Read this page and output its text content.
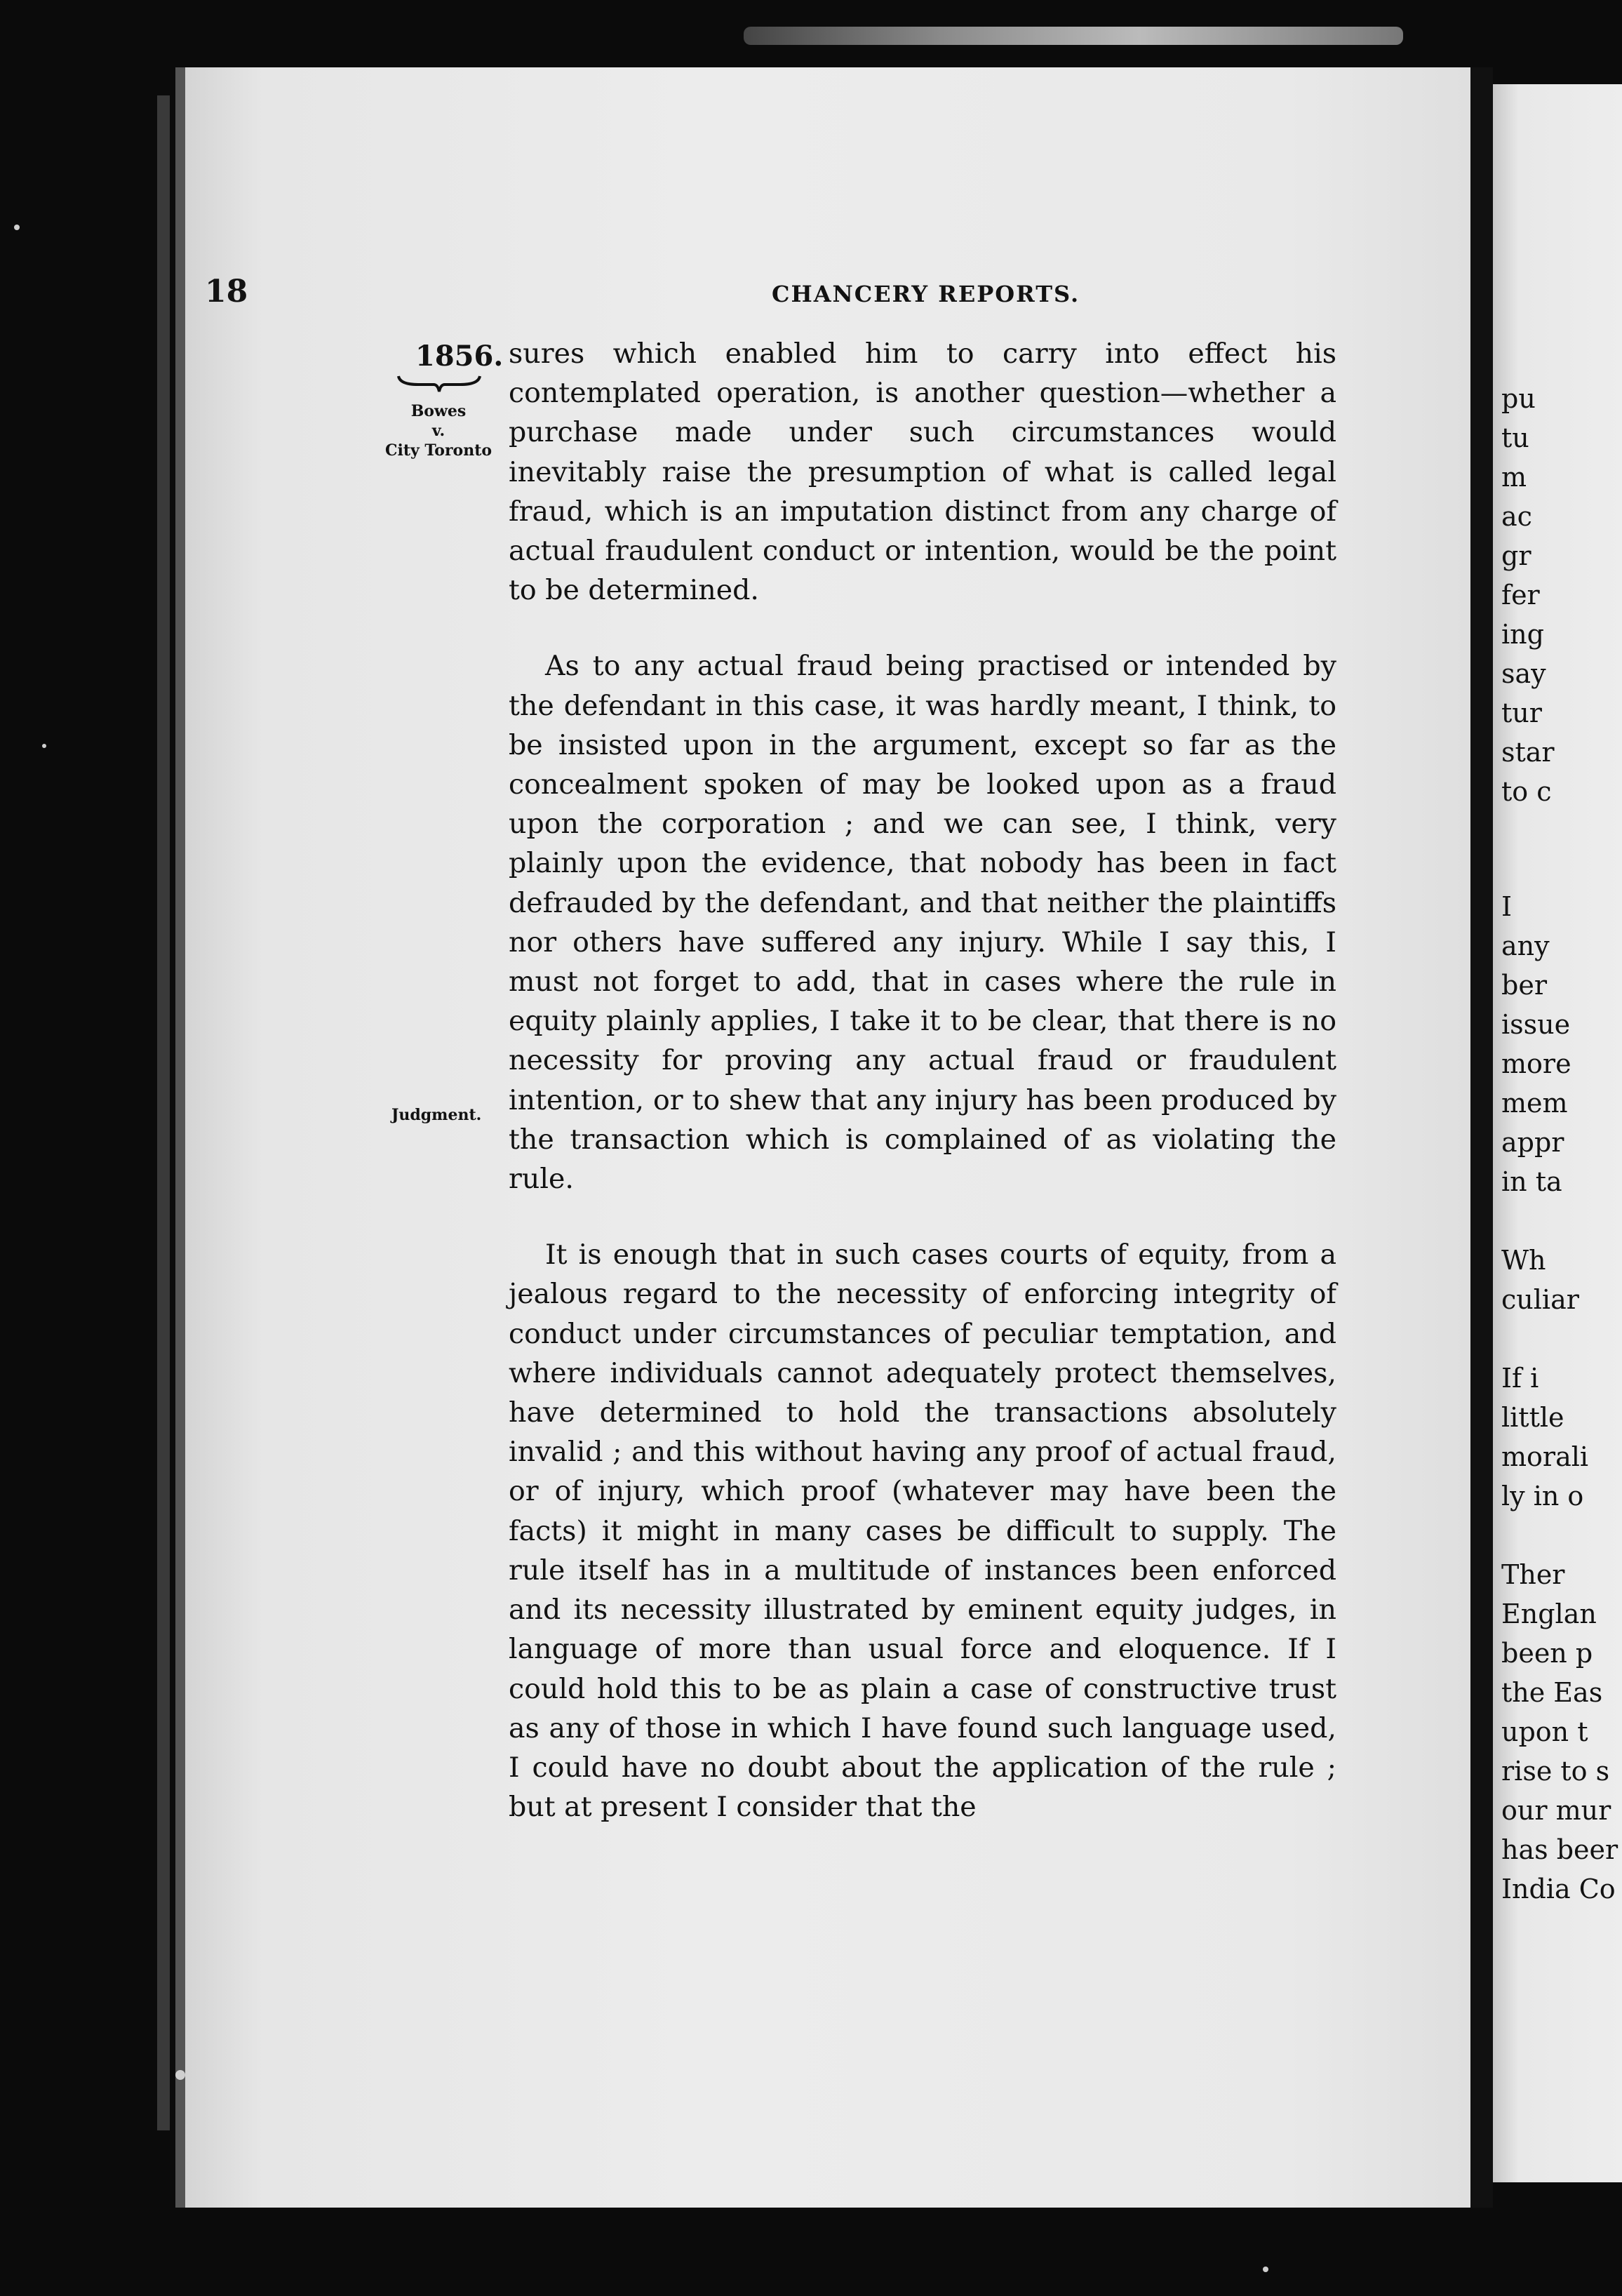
18	CHANCERY REPORTS.
1856.
Bowes
v.
City Toronto
Judgment.

sures which enabled him to carry into effect his contemplated operation, is another question—whether a purchase made under such circumstances would inevitably raise the presumption of what is called legal fraud, which is an imputation distinct from any charge of actual fraudulent conduct or intention, would be the point to be determined.

As to any actual fraud being practised or intended by the defendant in this case, it was hardly meant, I think, to be insisted upon in the argument, except so far as the concealment spoken of may be looked upon as a fraud upon the corporation ; and we can see, I think, very plainly upon the evidence, that nobody has been in fact defrauded by the defendant, and that neither the plaintiffs nor others have suffered any injury. While I say this, I must not forget to add, that in cases where the rule in equity plainly applies, I take it to be clear, that there is no necessity for proving any actual fraud or fraudulent intention, or to shew that any injury has been produced by the transaction which is complained of as violating the rule.

It is enough that in such cases courts of equity, from a jealous regard to the necessity of enforcing integrity of conduct under circumstances of peculiar temptation, and where individuals cannot adequately protect themselves, have determined to hold the transactions absolutely invalid ; and this without having any proof of actual fraud, or of injury, which proof (whatever may have been the facts) it might in many cases be difficult to supply. The rule itself has in a multitude of instances been enforced and its necessity illustrated by eminent equity judges, in language of more than usual force and eloquence. If I could hold this to be as plain a case of constructive trust as any of those in which I have found such language used, I could have no doubt about the application of the rule ; but at present I consider that the

pu
tu
m
ac
gr
fer
ing
say
tur
star
to c
I
any
ber
issue
more
mem
appr
in ta
Wh
culiar
If i
little
morali
ly in o
Ther
Englan
been p
the Eas
upon t
rise to s
our mur
has beer
India Co
